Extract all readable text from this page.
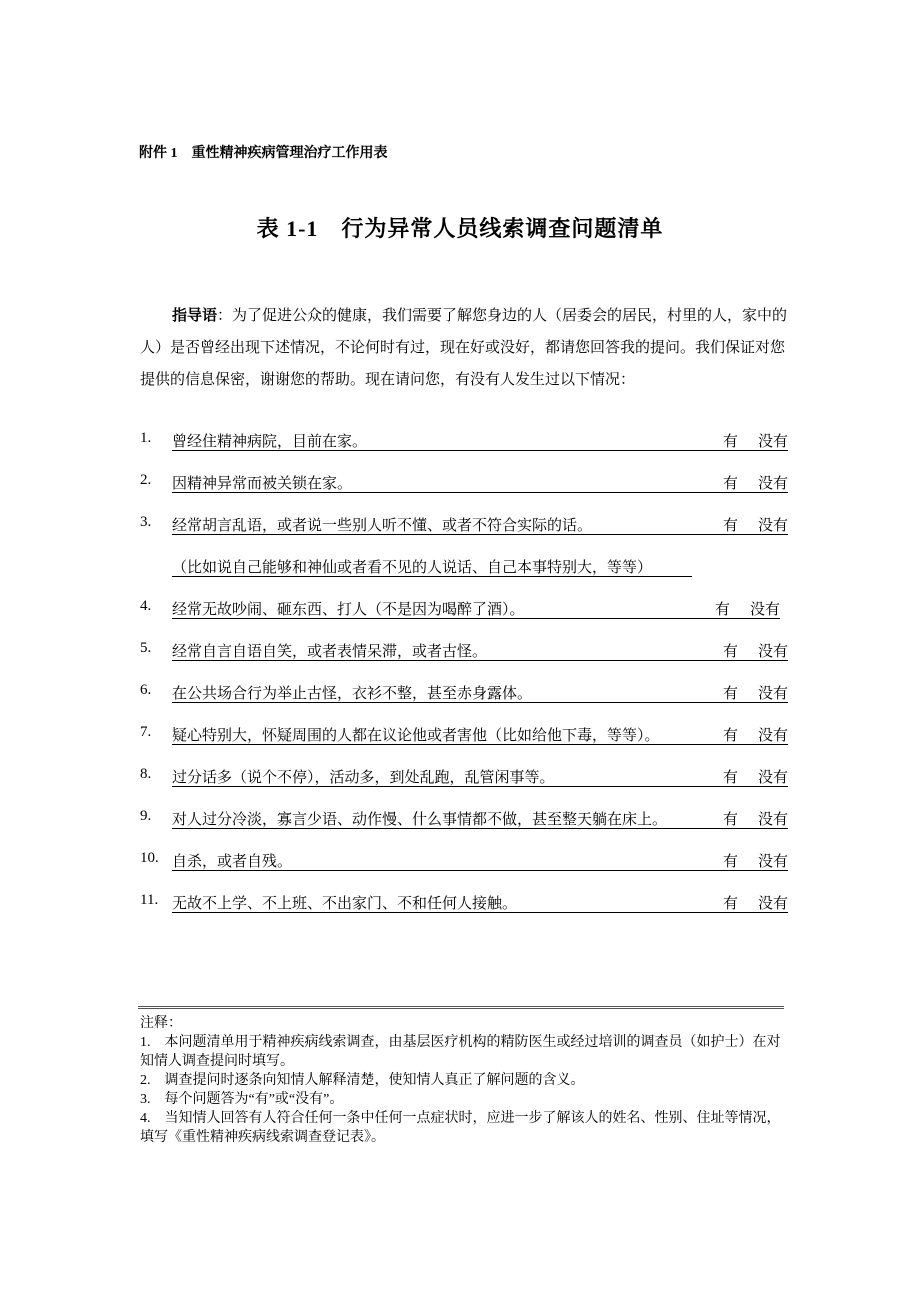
附件 1　重性精神疾病管理治疗工作用表
表 1-1　行为异常人员线索调查问题清单
指导语：为了促进公众的健康，我们需要了解您身边的人（居委会的居民，村里的人，家中的人）是否曾经出现下述情况，不论何时有过，现在好或没好，都请您回答我的提问。我们保证对您提供的信息保密，谢谢您的帮助。现在请问您，有没有人发生过以下情况：
1. 曾经住精神病院，目前在家。	有 没有
2. 因精神异常而被关锁在家。	有 没有
3. 经常胡言乱语，或者说一些别人听不懂、或者不符合实际的话。	有 没有
4. 经常无故吵闹、砸东西、打人（不是因为喝醉了酒）。	有 没有
5. 经常自言自语自笑，或者表情呆滞，或者古怪。	有 没有
6. 在公共场合行为举止古怪，衣衫不整，甚至赤身露体。	有 没有
7. 疑心特别大，怀疑周围的人都在议论他或者害他（比如给他下毒，等等）。	有 没有
8. 过分话多（说个不停），活动多，到处乱跑，乱管闲事等。	有 没有
9. 对人过分冷淡，寡言少语、动作慢、什么事情都不做，甚至整天躺在床上。	有 没有
10. 自杀，或者自残。	有 没有
11. 无故不上学、不上班、不出家门、不和任何人接触。	有 没有
（比如说自己能够和神仙或者看不见的人说话、自己本事特别大，等等）
注释：
1.　本问题清单用于精神疾病线索调查，由基层医疗机构的精防医生或经过培训的调查员（如护士）在对知情人调查提问时填写。
2.　调查提问时逐条向知情人解释清楚，使知情人真正了解问题的含义。
3.　每个问题答为“有”或“没有”。
4.　当知情人回答有人符合任何一条中任何一点症状时，应进一步了解该人的姓名、性别、住址等情况，填写《重性精神疾病线索调查登记表》。
